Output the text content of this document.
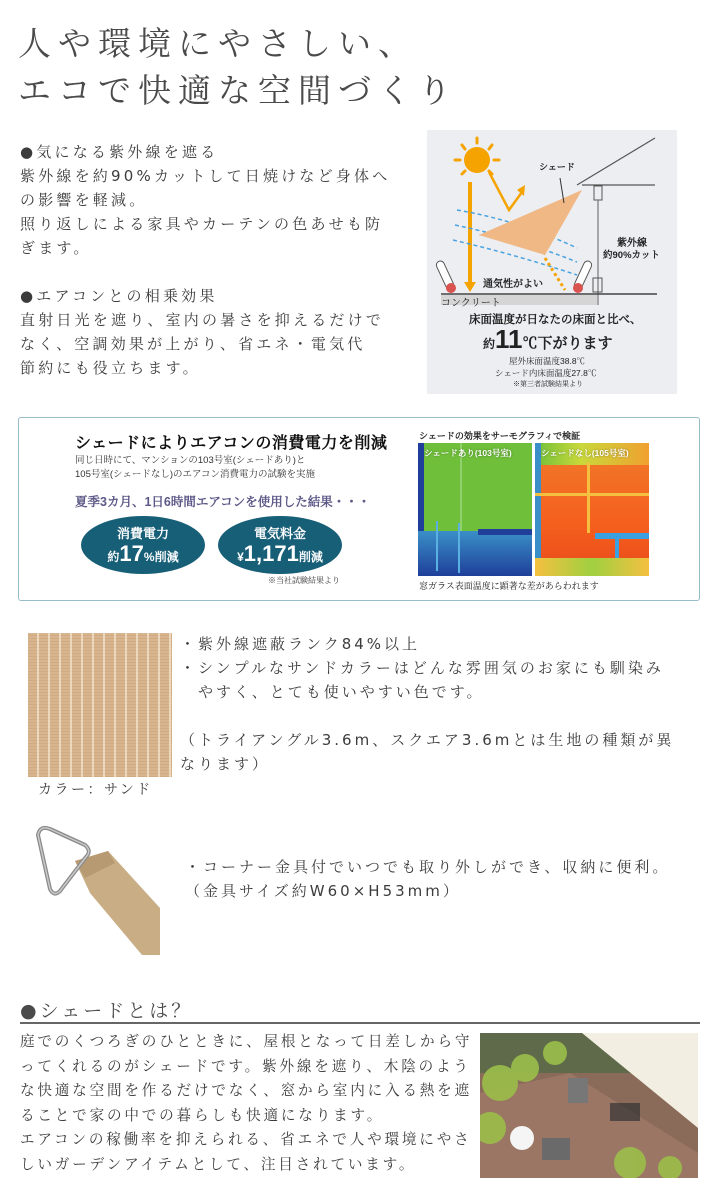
人や環境にやさしい、
エコで快適な空間づくり

●気になる紫外線を遮る

紫外線を約90%カットして日焼けなど身体へ

の影響を軽減。

照り返しによる家具やカーテンの色あせも防

ぎます。

●エアコンとの相乗効果

直射日光を遮り、室内の暑さを抑えるだけで

なく、空調効果が上がり、省エネ・電気代

節約にも役立ちます。

シェード
紫外線
約90%カット
通気性がよい
コンクリート
床面温度が日なたの床面と比べ、
約11℃下がります
屋外床面温度38.8℃
シェード内床面温度27.8℃
※第三者試験結果より
シェードによりエアコンの消費電力を削減
同じ日時にて、マンションの103号室(シェードあり)と
105号室(シェードなし)のエアコン消費電力の試験を実施
夏季3カ月、1日6時間エアコンを使用した結果・・・
消費電力
約17%削減
電気料金
¥1,171削減
※当社試験結果より
シェードの効果をサーモグラフィで検証
シェードあり(103号室)	シェードなし(105号室)
窓ガラス表面温度に顕著な差があらわれます
カラー：サンド

・紫外線遮蔽ランク84%以上

・シンプルなサンドカラーはどんな雰囲気のお家にも馴染み

　やすく、とても使いやすい色です。

（トライアングル3.6m、スクエア3.6mとは生地の種類が異

なります）

・コーナー金具付でいつでも取り外しができ、収納に便利。

（金具サイズ約W60×H53mm）

●シェードとは？

庭でのくつろぎのひとときに、屋根となって日差しから守

ってくれるのがシェードです。紫外線を遮り、木陰のよう

な快適な空間を作るだけでなく、窓から室内に入る熱を遮

ることで家の中での暮らしも快適になります。

エアコンの稼働率を抑えられる、省エネで人や環境にやさ

しいガーデンアイテムとして、注目されています。
